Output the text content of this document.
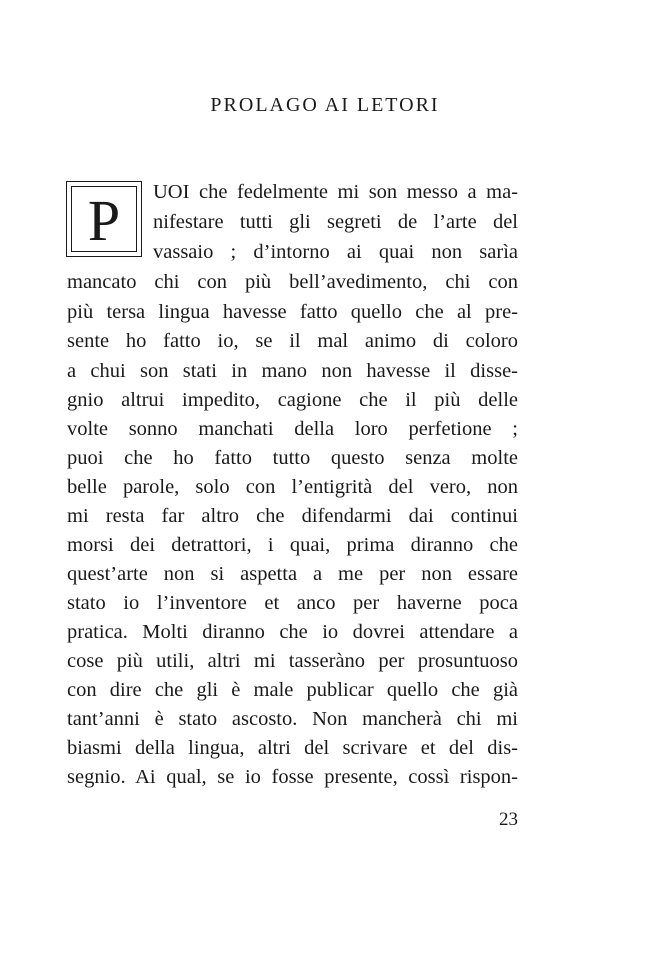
PROLAGO AI LETORI
P	UOI che fedelmente mi son messo a ma-
nifestare tutti gli segreti de l’arte del
vassaio ; d’intorno ai quai non sarìa
mancato chi con più bell’avedimento, chi con
più tersa lingua havesse fatto quello che al pre-
sente ho fatto io, se il mal animo di coloro
a chui son stati in mano non havesse il disse-
gnio altrui impedito, cagione che il più delle
volte sonno manchati della loro perfetione ;
puoi che ho fatto tutto questo senza molte
belle parole, solo con l’entigrità del vero, non
mi resta far altro che difendarmi dai continui
morsi dei detrattori, i quai, prima diranno che
quest’arte non si aspetta a me per non essare
stato io l’inventore et anco per haverne poca
pratica. Molti diranno che io dovrei attendare a
cose più utili, altri mi tasseràno per prosuntuoso
con dire che gli è male publicar quello che già
tant’anni è stato ascosto. Non mancherà chi mi
biasmi della lingua, altri del scrivare et del dis-
segnio. Ai qual, se io fosse presente, cossì rispon-
23
